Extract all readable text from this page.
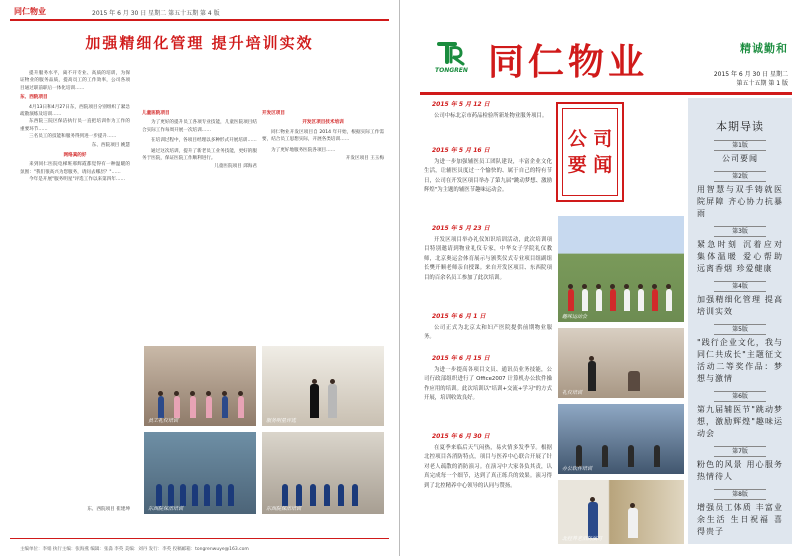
同仁物业	2015 年 6 月 30 日 星期二 第五十五期 第 4 版
加强精细化管理 提升培训实效

提升服务水平，离不开专业、高质的培训，为保证物业的服务品质，提高员工的工作效率，公司各项目通过职前职后一体化培训……

东、西院项目

4月13日和4月27日东，西院项目分别组织了紧急疏散演练及培训……

东西院三院区保洁执行员一直把培训作为工作的重要环节……

三名员工的技能和服务得到进一步提升……

东、西院项目 姚慧

网络真的好

来到同仁医院电梯班邢辉霞都觉得有一种温暖的氛围："我们很高兴为您服务，请问去哪层？"……

今年是开展"服务明星"评选工作以来第四年……

东、西院项目 崔建坤

儿童医院项目

为了更好的提升员工各项专业技能，儿童医院项目结合实际工作每周开展一次培训……

在培训过程中，各项目经理以多种形式开展培训……

通过这次培训，提升了新老员工业务技能，更好的服务于医院，保证医院工作顺利进行。

儿童医院项目 邱海君

开发区项目

开发区项目技术培训

同仁物业开发区项目自 2014 年开始，根据实际工作需要，结合员工思想实际，开展各类培训……

为了更好地服务医院各项目……

开发区项目 王玉梅

员工礼仪培训	服务明星评选
东西院保洁培训	东西院保洁培训
主编单位：李娟 执行主编：张海燕 编辑：张淼 李英 美编：刘丹 发行：李英 投稿邮箱：tongrenwuye@163.com
TONGREN 同仁物业	精诚勤和
2015 年 6 月 30 日 星期二
第五十五期 第 1 版
2015 年 5 月 12 日

公司中标北京市药品检验所新址物业服务项目。

2015 年 5 月 16 日

为进一步加强辅医员工团队建设，丰富企业文化生活，让辅医员度过一个愉快的、属于自己的特有节日，公司在开发区项目举办了第九届"跳动梦想、激励辉煌"为主题的辅医节趣味运动会。

2015 年 5 月 23 日

开发区项目举办礼仪知识培训活动，此次培训项目特别邀请到物业礼仪专家，中华女子学院礼仪教师，北京奥运会体育展示与颁奖仪式专业项目组副组长樊开顺老师亲自授课。来自开发区项目、东西院项目的百余名员工参加了此次培训。

2015 年 6 月 1 日

公司正式为北京太和妇产医院提供前期物业服务。

2015 年 6 月 15 日

为进一步提高各项目文员、通讯员业务技能，公司行政部组织进行了 Office2007 计算机办公软件操作应用的培训。此次培训以"培训+交流+学习"的方式开展，培训收效良好。

2015 年 6 月 30 日

在夏季来临后天气闷热，易火情多发季节。根据北控项目各消防特点，项目与医养中心联合开展了针对老人疏散的消防演习。在演习中大家各负其责，认真完成每一个细节，达到了真正练兵的效果。演习得到了北控精养中心领导的认同与赞扬。

公 司
要 闻
趣味运动会
礼仪培训
办公软件培训
北控养老消防演习
本期导读
第1版
公司要闻
第2版
用智慧与双手铸就医院屏障 齐心协力抗暴雨
第3版
紧急时刻 沉着应对 集体温暖 爱心帮助 远离香烟 珍爱健康
第4版
加强精细化管理 提高培训实效
第5版
"践行企业文化，我与同仁共成长"主题征文活动二等奖作品：梦想与激情
第6版
第九届辅医节"跳动梦想，激励辉煌"趣味运动会
第7版
粉色的风景 用心服务 热情待人
第8版
增强员工体质 丰富业余生活 生日祝福 喜得贵子
